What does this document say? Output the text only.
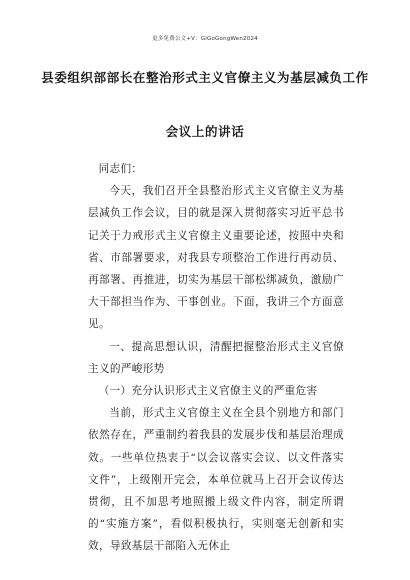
更多免费公文+V：GiGoGongWen2024
县委组织部部长在整治形式主义官僚主义为基层减负工作
会议上的讲话

同志们：

今天，我们召开全县整治形式主义官僚主义为基层减负工作会议，目的就是深入贯彻落实习近平总书记关于力戒形式主义官僚主义重要论述，按照中央和省、市部署要求，对我县专项整治工作进行再动员、再部署、再推进，切实为基层干部松绑减负，激励广大干部担当作为、干事创业。下面，我讲三个方面意见。

一、提高思想认识，清醒把握整治形式主义官僚主义的严峻形势

（一）充分认识形式主义官僚主义的严重危害

当前，形式主义官僚主义在全县个别地方和部门依然存在，严重制约着我县的发展步伐和基层治理成效。一些单位热衷于“以会议落实会议、以文件落实文件”，上级刚开完会，本单位就马上召开会议传达贯彻，且不加思考地照搬上级文件内容，制定所谓的“实施方案”，看似积极执行，实则毫无创新和实效，导致基层干部陷入无休止
